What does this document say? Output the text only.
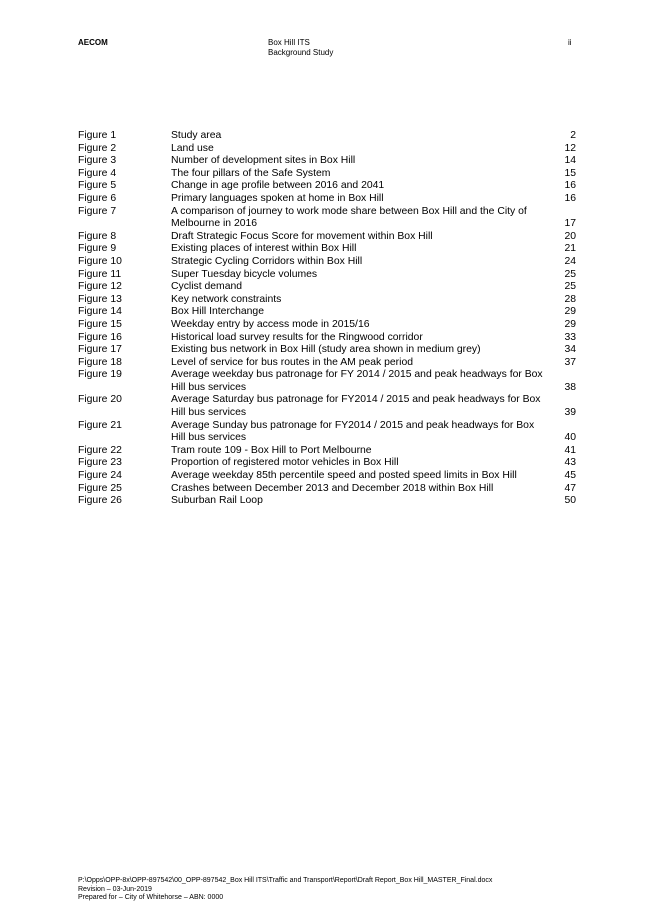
AECOM	Box Hill ITS
Background Study
ii
Figure 1	Study area	2
Figure 2	Land use	12
Figure 3	Number of development sites in Box Hill	14
Figure 4	The four pillars of the Safe System	15
Figure 5	Change in age profile between 2016 and 2041	16
Figure 6	Primary languages spoken at home in Box Hill	16
Figure 7	A comparison of journey to work mode share between Box Hill and the City of Melbourne in 2016	17
Figure 8	Draft Strategic Focus Score for movement within Box Hill	20
Figure 9	Existing places of interest within Box Hill	21
Figure 10	Strategic Cycling Corridors within Box Hill	24
Figure 11	Super Tuesday bicycle volumes	25
Figure 12	Cyclist demand	25
Figure 13	Key network constraints	28
Figure 14	Box Hill Interchange	29
Figure 15	Weekday entry by access mode in 2015/16	29
Figure 16	Historical load survey results for the Ringwood corridor	33
Figure 17	Existing bus network in Box Hill (study area shown in medium grey)	34
Figure 18	Level of service for bus routes in the AM peak period	37
Figure 19	Average weekday bus patronage for FY 2014 / 2015 and peak headways for Box Hill bus services	38
Figure 20	Average Saturday bus patronage for FY2014 / 2015 and peak headways for Box Hill bus services	39
Figure 21	Average Sunday bus patronage for FY2014 / 2015 and peak headways for Box Hill bus services	40
Figure 22	Tram route 109 - Box Hill to Port Melbourne	41
Figure 23	Proportion of registered motor vehicles in Box Hill	43
Figure 24	Average weekday 85th percentile speed and posted speed limits in Box Hill	45
Figure 25	Crashes between December 2013 and December 2018 within Box Hill	47
Figure 26	Suburban Rail Loop	50
P:\Opps\OPP-8x\OPP-897542\00_OPP-897542_Box Hill ITS\Traffic and Transport\Report\Draft Report_Box Hill_MASTER_Final.docx
Revision – 03-Jun-2019
Prepared for – City of Whitehorse – ABN: 0000
